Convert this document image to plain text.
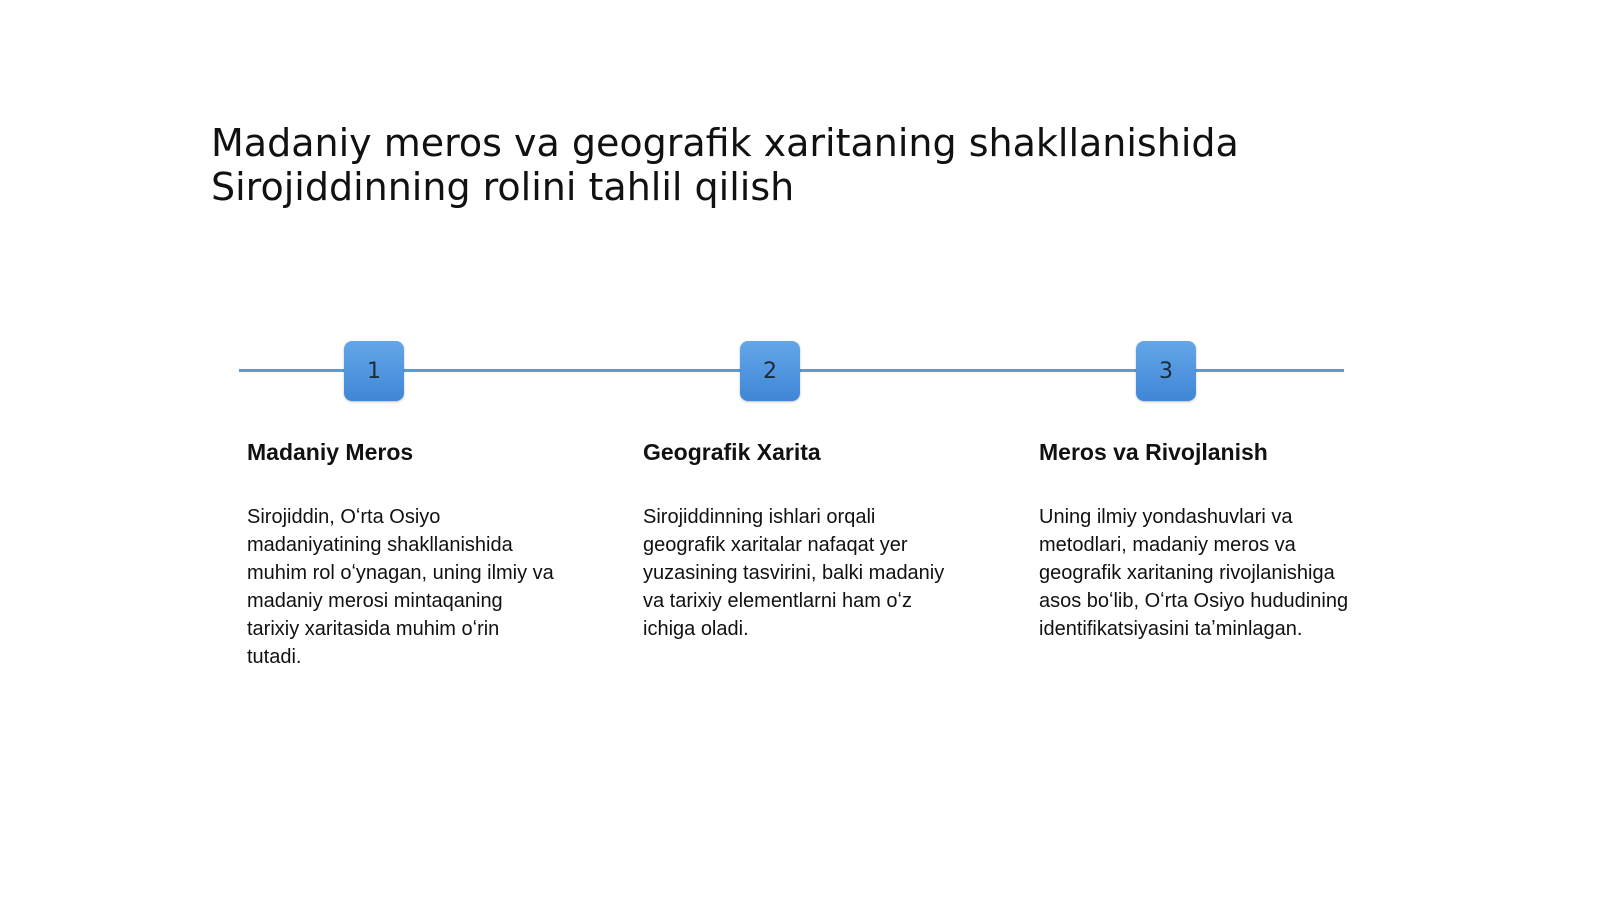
Madaniy meros va geografik xaritaning shakllanishida
Sirojiddinning rolini tahlil qilish
1
Madaniy Meros
Sirojiddin, Oʻrta Osiyo
madaniyatining shakllanishida
muhim rol oʻynagan, uning ilmiy va
madaniy merosi mintaqaning
tarixiy xaritasida muhim oʻrin
tutadi.
2
Geografik Xarita
Sirojiddinning ishlari orqali
geografik xaritalar nafaqat yer
yuzasining tasvirini, balki madaniy
va tarixiy elementlarni ham oʻz
ichiga oladi.
3
Meros va Rivojlanish
Uning ilmiy yondashuvlari va
metodlari, madaniy meros va
geografik xaritaning rivojlanishiga
asos boʻlib, Oʻrta Osiyo hududining
identifikatsiyasini taʼminlagan.
